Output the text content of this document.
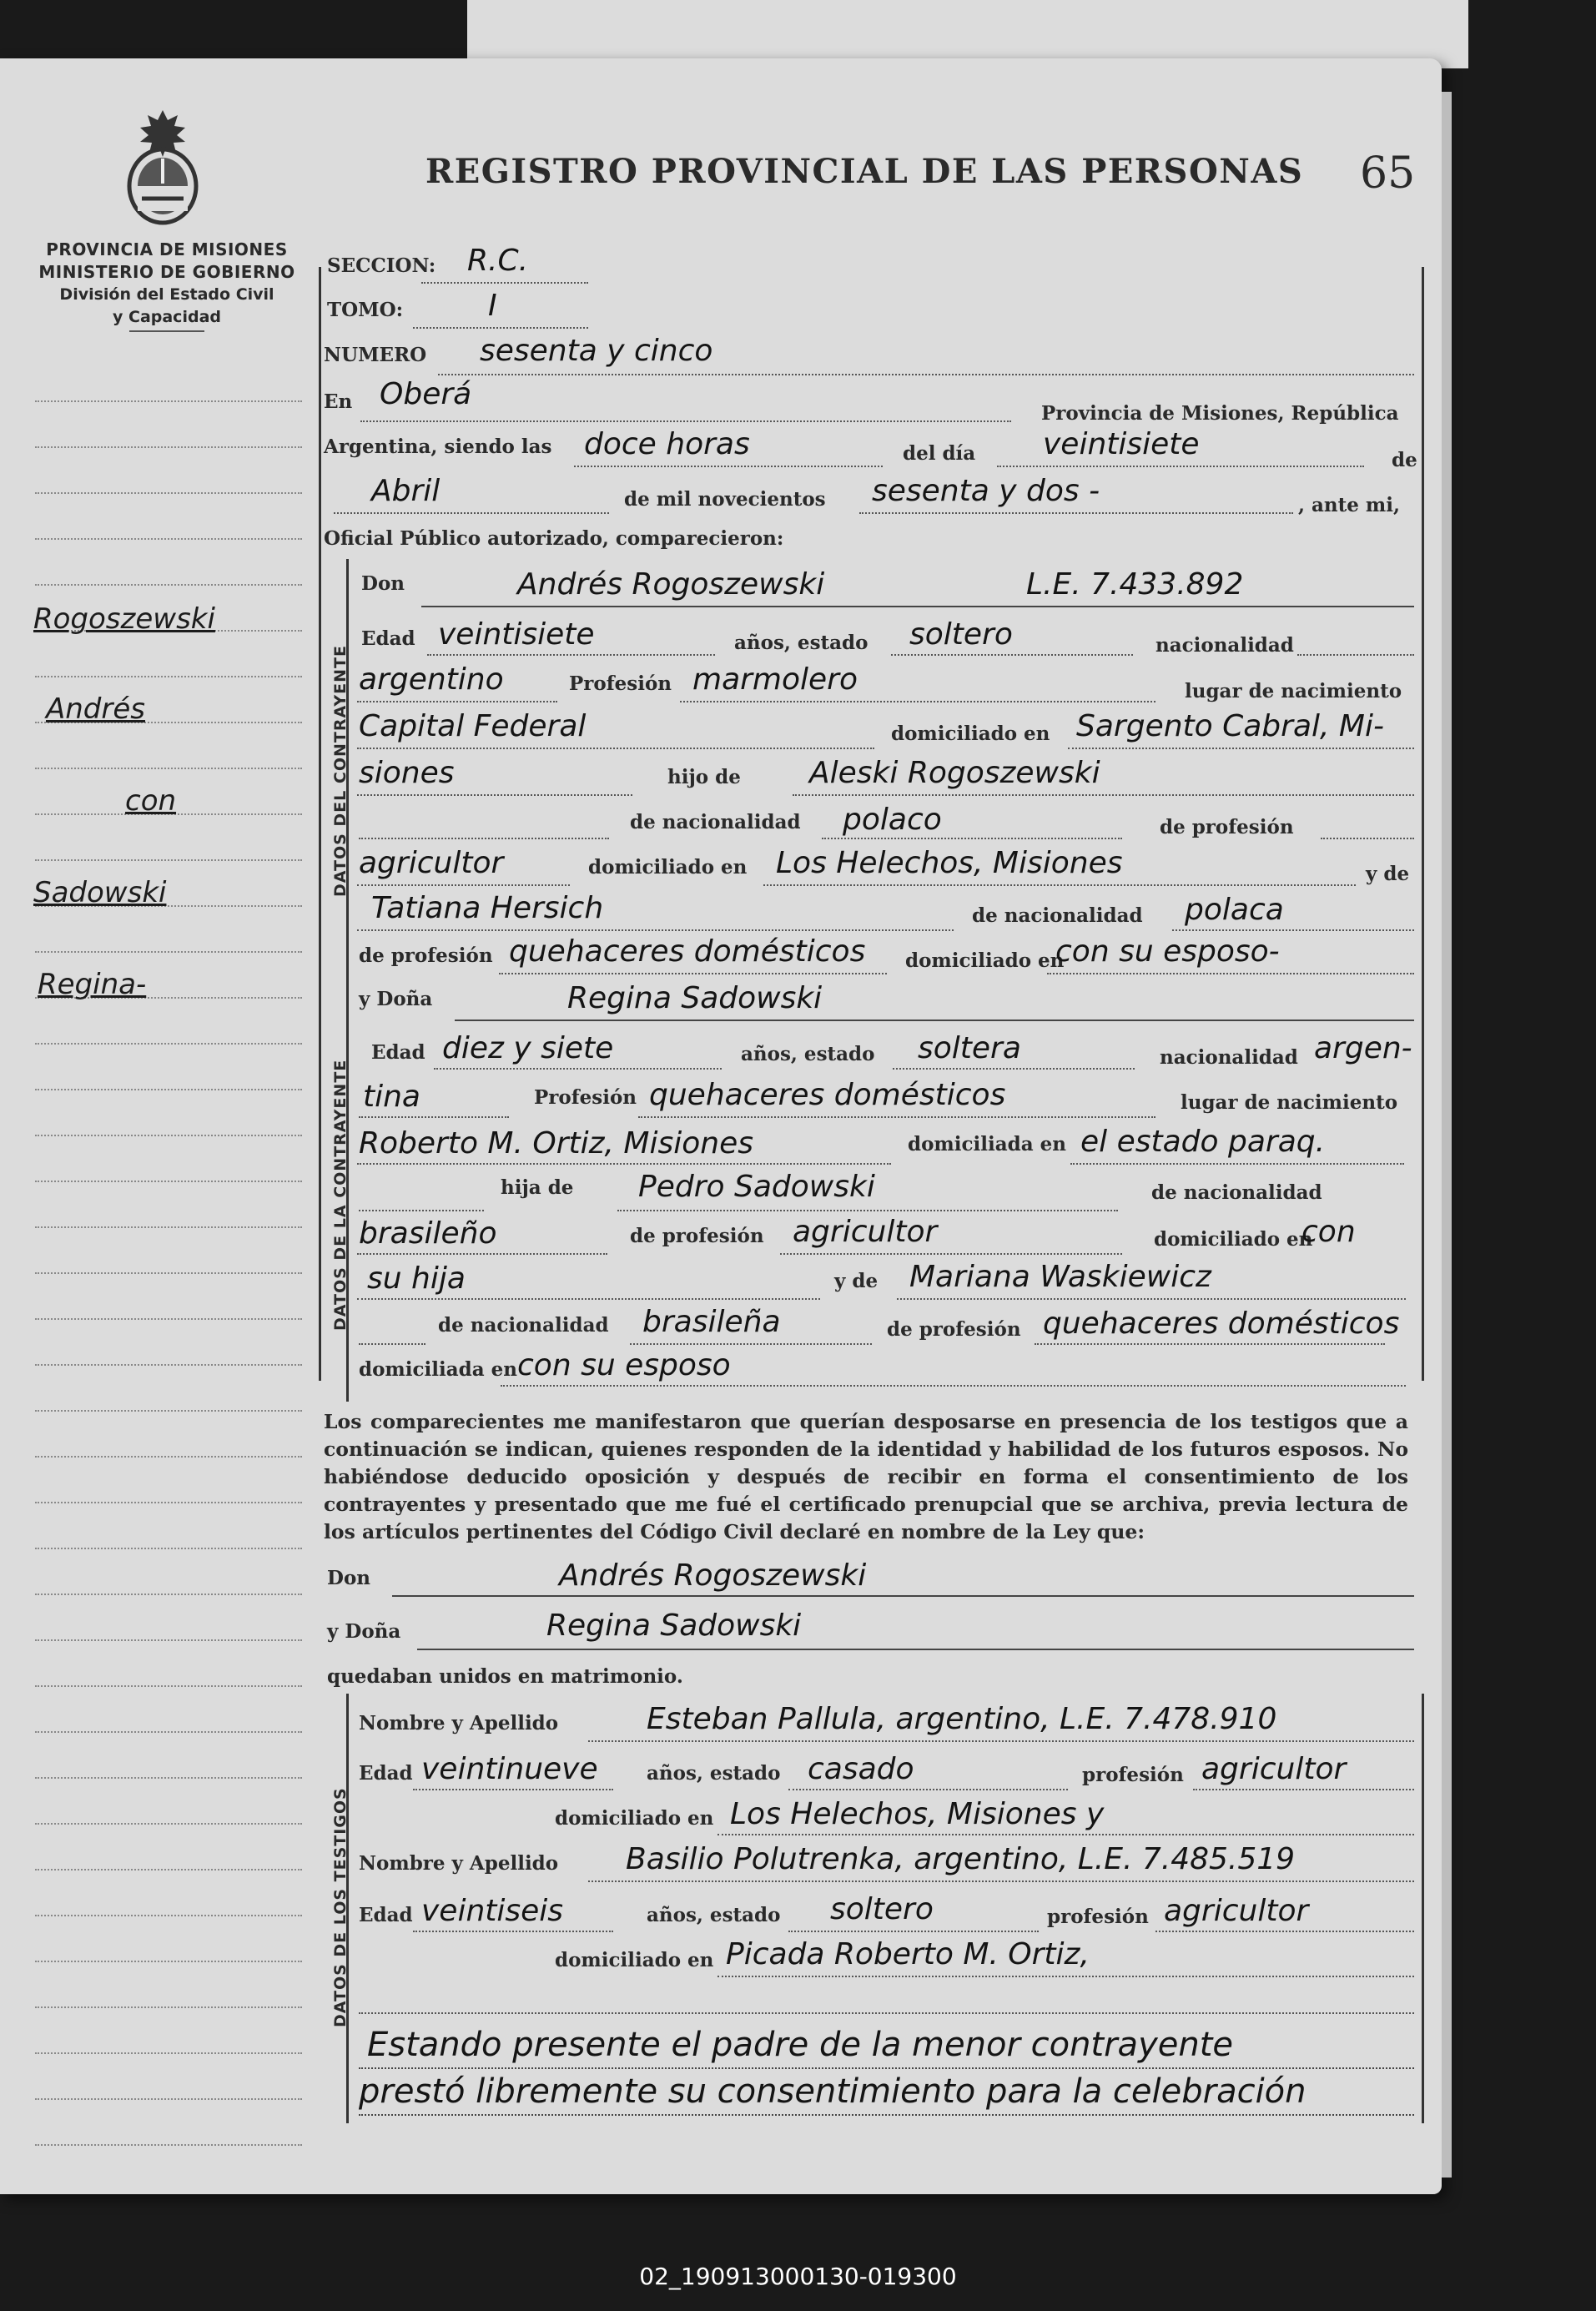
PROVINCIA DE MISIONES
MINISTERIO DE GOBIERNO
División del Estado Civil
y Capacidad
Rogoszewski
Andrés
con
Sadowski
Regina-
REGISTRO PROVINCIAL DE LAS PERSONAS 65
SECCION: R.C.
TOMO:	I
NUMERO sesenta y cinco
En Oberá
Provincia de Misiones, República
Argentina, siendo las doce horas	del día veintisiete	de
Abril	de mil novecientos sesenta y dos -	, ante mi,
Oficial Público autorizado, comparecieron:
DATOS DEL CONTRAYENTE
Don	Andrés Rogoszewski	L.E. 7.433.892
Edad veintisiete	años, estado soltero	nacionalidad
argentino	Profesión marmolero	lugar de nacimiento
Capital Federal	domiciliado en Sargento Cabral, Mi-
siones	hijo de Aleski Rogoszewski
de nacionalidad polaco	de profesión
agricultor	domiciliado en Los Helechos, Misiones	y de
Tatiana Hersich	de nacionalidad polaca
de profesión quehaceres domésticos domiciliado en
con su esposo-
DATOS DE LA CONTRAYENTE
y Doña	Regina Sadowski
Edad diez y siete	años, estado soltera	nacionalidad argen-
tina	Profesión quehaceres domésticos	lugar de nacimiento
Roberto M. Ortiz, Misiones	domiciliada en el estado paraq.
hija de Pedro Sadowski	de nacionalidad
brasileño	de profesión agricultor	domiciliado en
con
su hija	y de Mariana Waskiewicz
de nacionalidad brasileña	de profesión quehaceres domésticos
domiciliada en con su esposo
Los comparecientes me manifestaron que querían desposarse en presencia de los testigos que a continuación se indican, quienes responden de la identidad y habilidad de los futuros esposos. No habiéndose deducido oposición y después de recibir en forma el consentimiento de los contrayentes y presentado que me fué el certificado prenupcial que se archiva, previa lectura de los artículos pertinentes del Código Civil declaré en nombre de la Ley que:
Don	Andrés Rogoszewski
y Doña	Regina Sadowski
quedaban unidos en matrimonio.
DATOS DE LOS TESTIGOS
Nombre y Apellido	Esteban Pallula, argentino, L.E. 7.478.910
Edad veintinueve	años, estado casado	profesión agricultor
domiciliado en Los Helechos, Misiones y
Nombre y Apellido Basilio Polutrenka, argentino, L.E. 7.485.519
Edad veintiseis	años, estado soltero	profesión agricultor
domiciliado en Picada Roberto M. Ortiz,
Estando presente el padre de la menor contrayente
prestó libremente su consentimiento para la celebración
02_190913000130-019300
